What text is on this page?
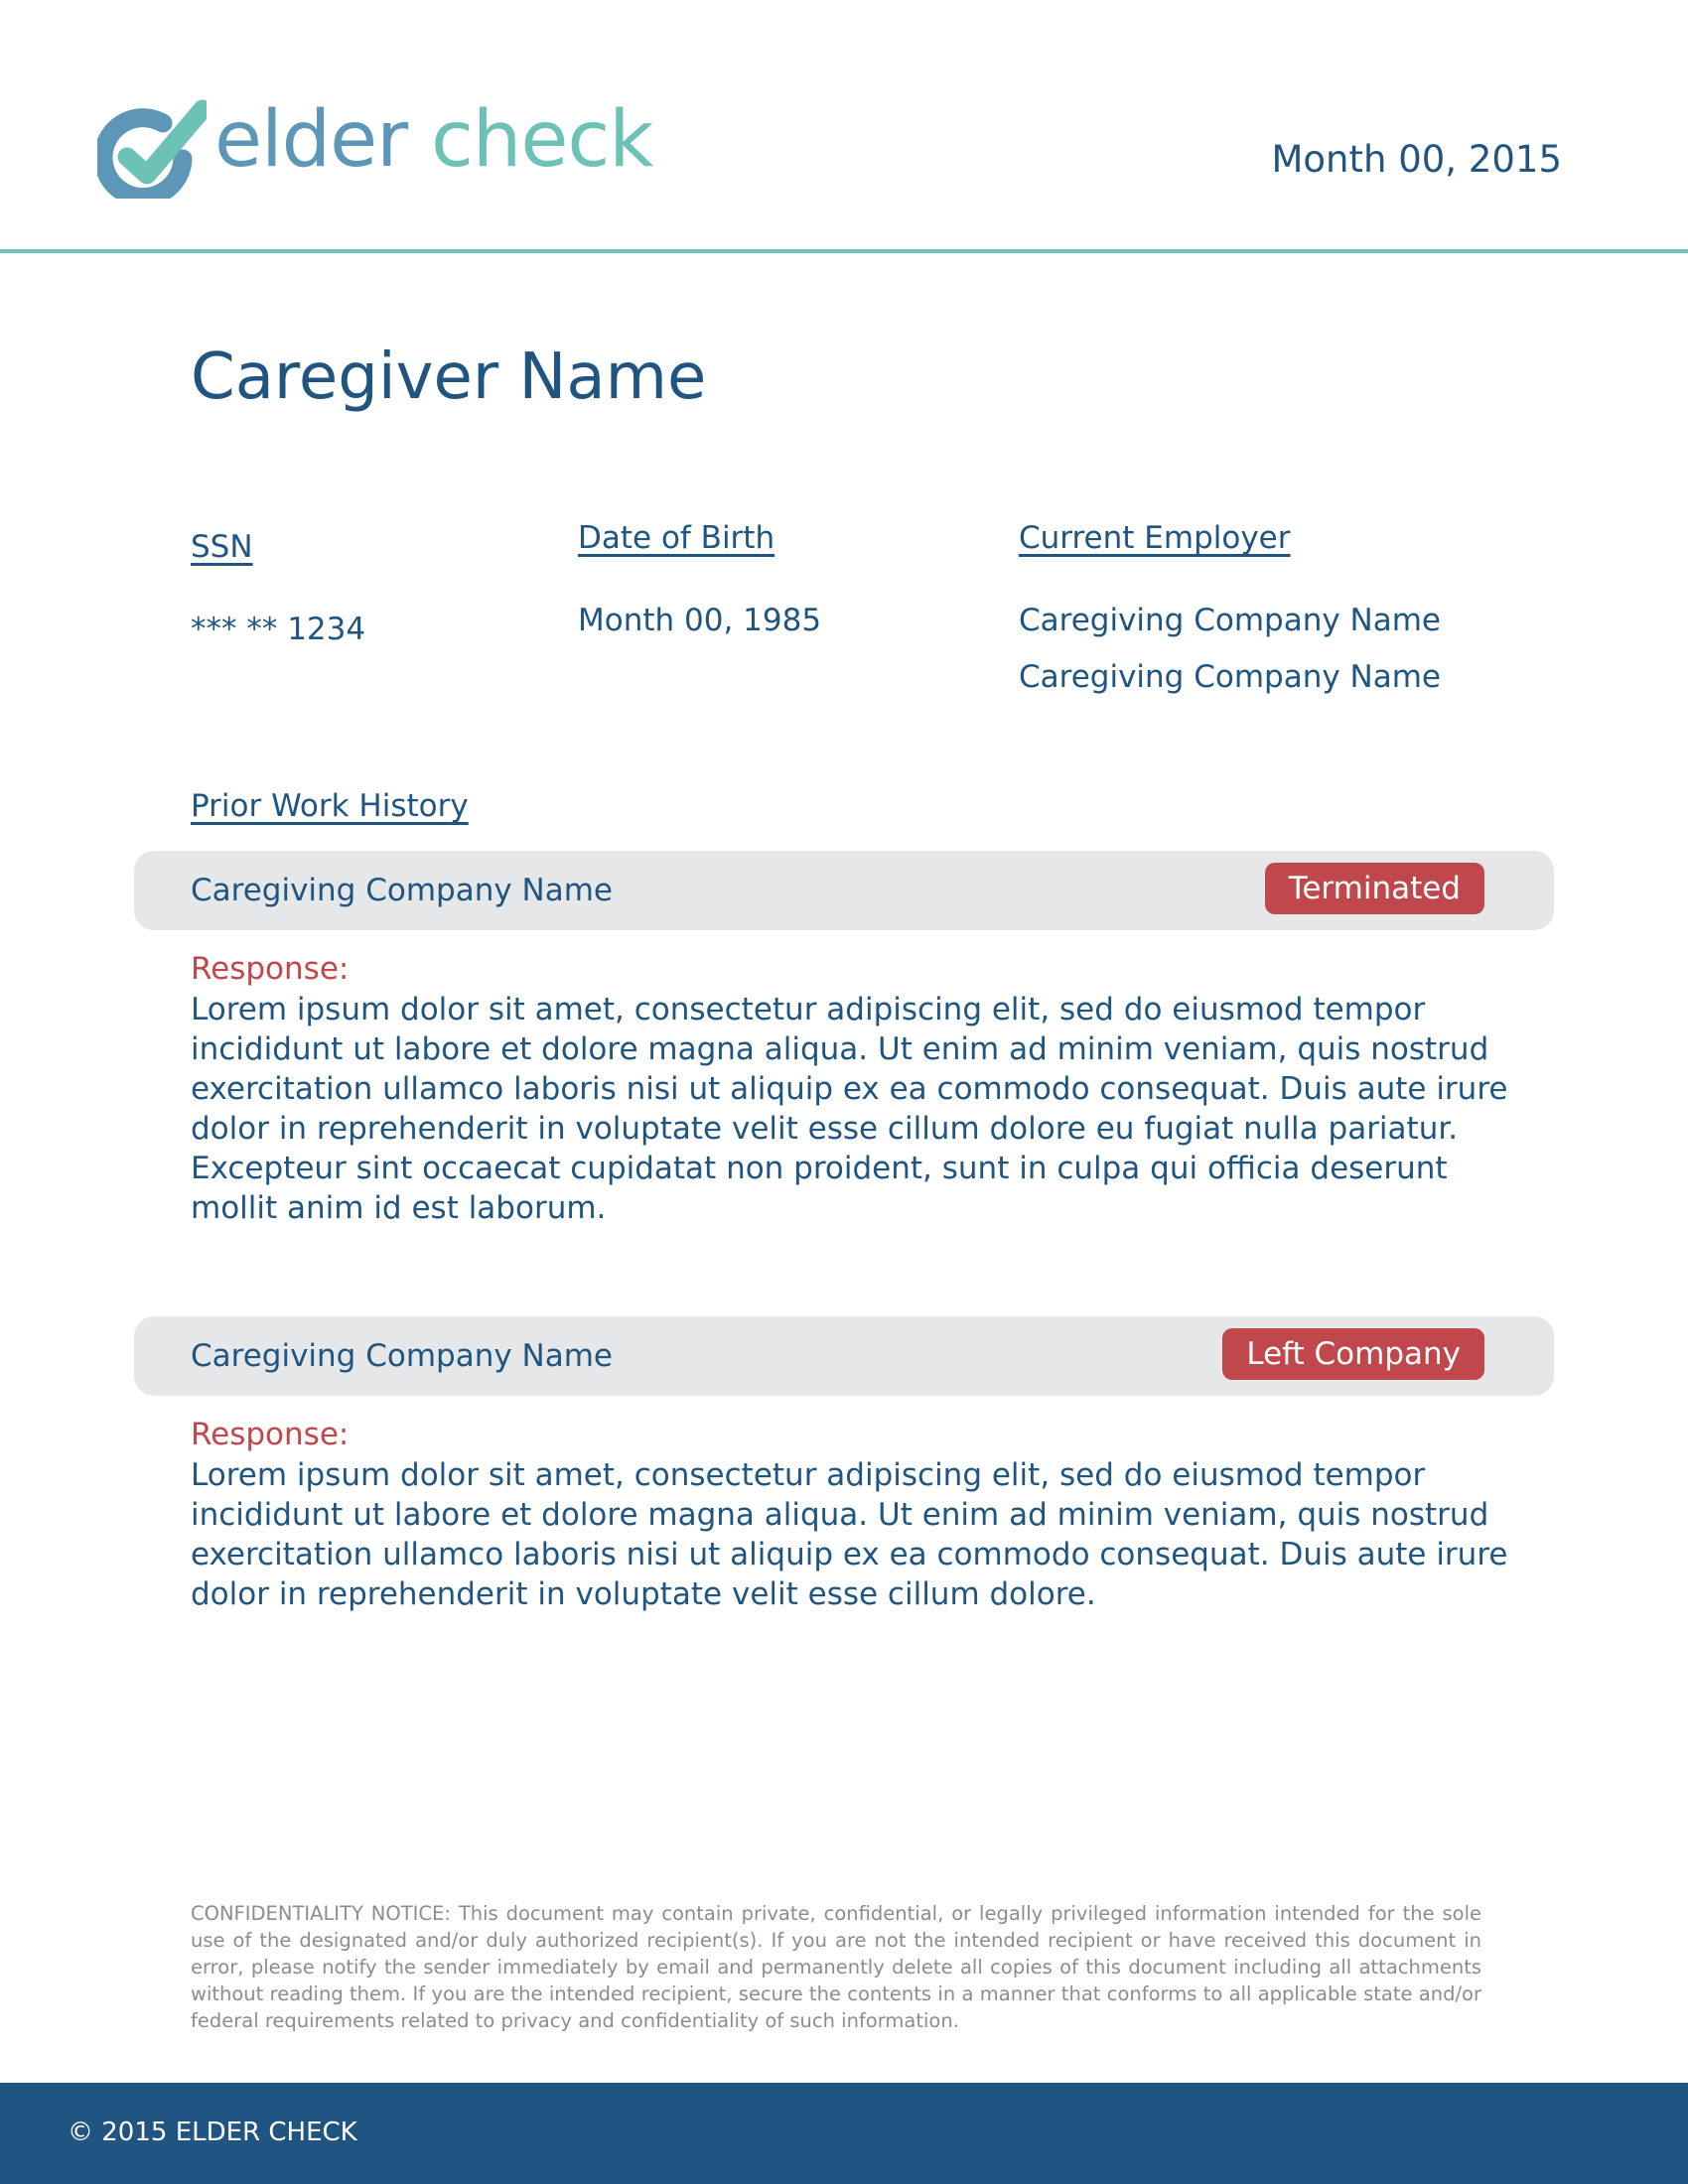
elder check	Month 00, 2015
Caregiver Name
SSN
*** ** 1234
Date of Birth
Month 00, 1985
Current Employer
Caregiving Company Name
Caregiving Company Name
Prior Work History
Caregiving Company Name	Terminated
Response:
Lorem ipsum dolor sit amet, consectetur adipiscing elit, sed do eiusmod tempor incididunt ut labore et dolore magna aliqua. Ut enim ad minim veniam, quis nostrud exercitation ullamco laboris nisi ut aliquip ex ea commodo consequat. Duis aute irure dolor in reprehenderit in voluptate velit esse cillum dolore eu fugiat nulla pariatur. Excepteur sint occaecat cupidatat non proident, sunt in culpa qui officia deserunt mollit anim id est laborum.
Caregiving Company Name	Left Company
Response:
Lorem ipsum dolor sit amet, consectetur adipiscing elit, sed do eiusmod tempor incididunt ut labore et dolore magna aliqua. Ut enim ad minim veniam, quis nostrud exercitation ullamco laboris nisi ut aliquip ex ea commodo consequat. Duis aute irure dolor in reprehenderit in voluptate velit esse cillum dolore.
CONFIDENTIALITY NOTICE: This document may contain private, confidential, or legally privileged information intended for the sole use of the designated and/or duly authorized recipient(s). If you are not the intended recipient or have received this document in error, please notify the sender immediately by email and permanently delete all copies of this document including all attachments without reading them. If you are the intended recipient, secure the contents in a manner that conforms to all applicable state and/or federal requirements related to privacy and confidentiality of such information.
© 2015 ELDER CHECK
